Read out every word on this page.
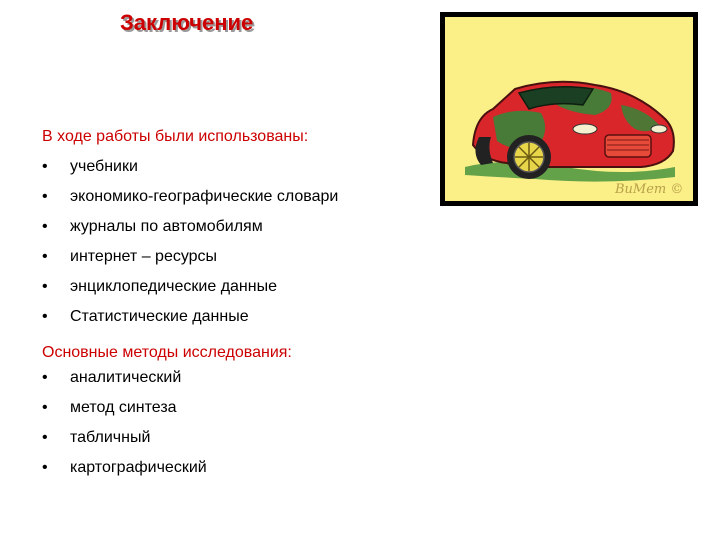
Заключение
В ходе работы были использованы:
• учебники
• экономико-географические словари
• журналы по автомобилям
• интернет – ресурсы
• энциклопедические данные
• Статистические данные
Основные методы исследования:
• аналитический
• метод синтеза
• табличный
• картографический
ВиМет ©
